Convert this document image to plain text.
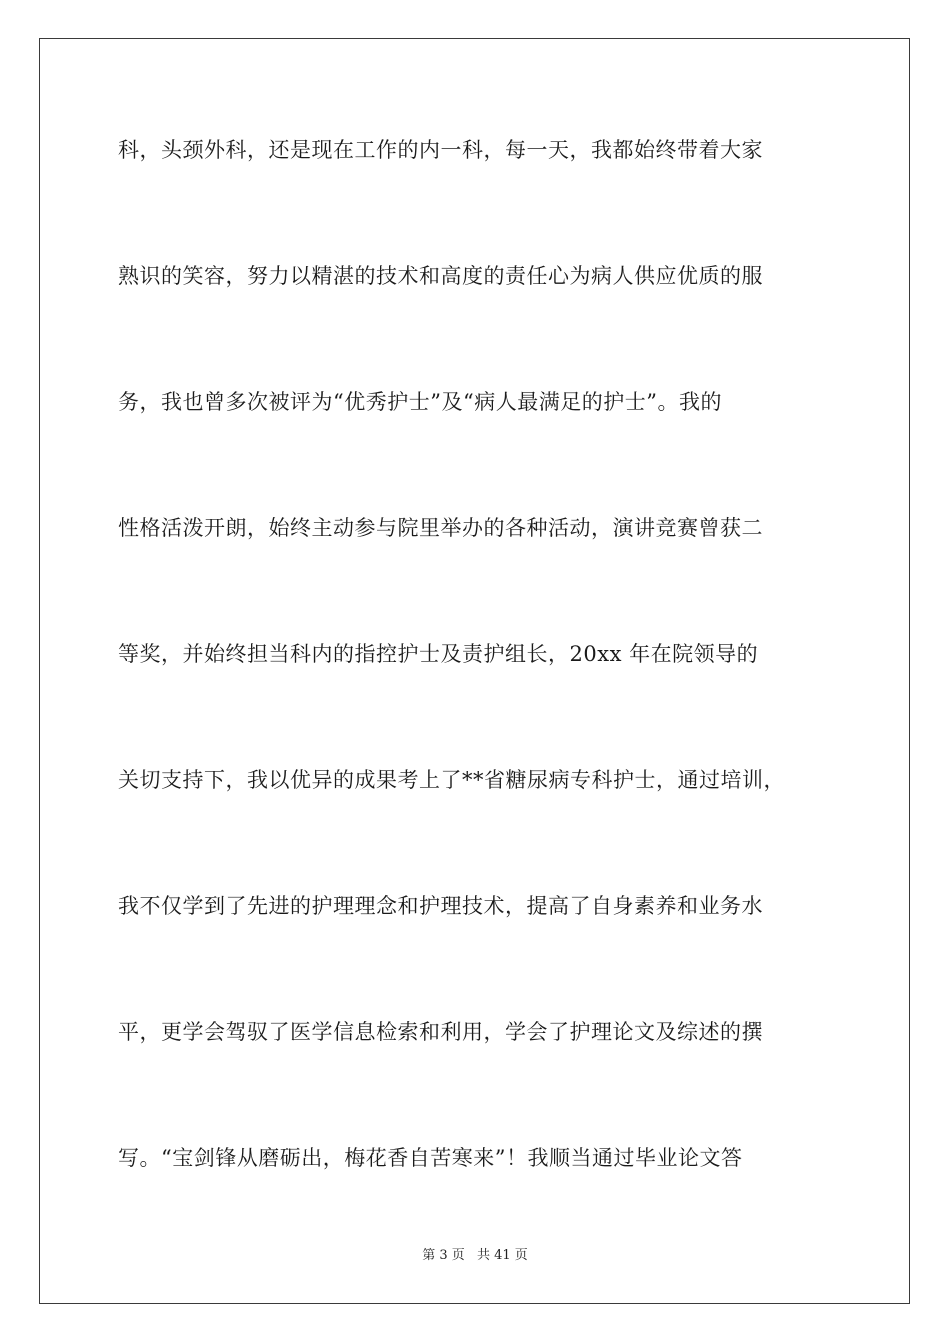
科，头颈外科，还是现在工作的内一科，每一天，我都始终带着大家
熟识的笑容，努力以精湛的技术和高度的责任心为病人供应优质的服
务，我也曾多次被评为“优秀护士”及“病人最满足的护士”。我的
性格活泼开朗，始终主动参与院里举办的各种活动，演讲竞赛曾获二
等奖，并始终担当科内的指控护士及责护组长，20xx 年在院领导的
关切支持下，我以优异的成果考上了**省糖尿病专科护士，通过培训，
我不仅学到了先进的护理理念和护理技术，提高了自身素养和业务水
平，更学会驾驭了医学信息检索和利用，学会了护理论文及综述的撰
写。“宝剑锋从磨砺出，梅花香自苦寒来”！我顺当通过毕业论文答
第 3 页 共 41 页
